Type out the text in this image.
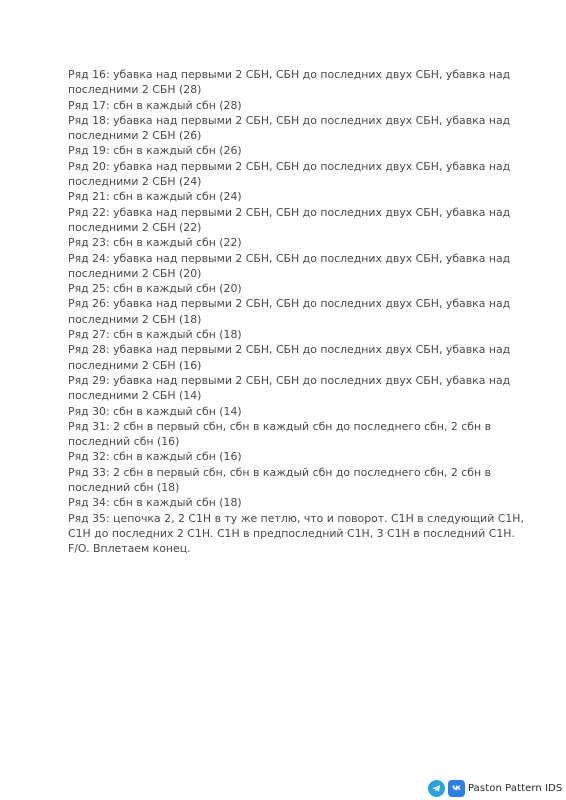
Ряд 16: убавка над первыми 2 СБН, СБН до последних двух СБН, убавка над
последними 2 СБН (28)
Ряд 17: сбн в каждый сбн (28)
Ряд 18: убавка над первыми 2 СБН, СБН до последних двух СБН, убавка над
последними 2 СБН (26)
Ряд 19: сбн в каждый сбн (26)
Ряд 20: убавка над первыми 2 СБН, СБН до последних двух СБН, убавка над
последними 2 СБН (24)
Ряд 21: сбн в каждый сбн (24)
Ряд 22: убавка над первыми 2 СБН, СБН до последних двух СБН, убавка над
последними 2 СБН (22)
Ряд 23: сбн в каждый сбн (22)
Ряд 24: убавка над первыми 2 СБН, СБН до последних двух СБН, убавка над
последними 2 СБН (20)
Ряд 25: сбн в каждый сбн (20)
Ряд 26: убавка над первыми 2 СБН, СБН до последних двух СБН, убавка над
последними 2 СБН (18)
Ряд 27: сбн в каждый сбн (18)
Ряд 28: убавка над первыми 2 СБН, СБН до последних двух СБН, убавка над
последними 2 СБН (16)
Ряд 29: убавка над первыми 2 СБН, СБН до последних двух СБН, убавка над
последними 2 СБН (14)
Ряд 30: сбн в каждый сбн (14)
Ряд 31: 2 сбн в первый сбн, сбн в каждый сбн до последнего сбн, 2 сбн в
последний сбн (16)
Ряд 32: сбн в каждый сбн (16)
Ряд 33: 2 сбн в первый сбн, сбн в каждый сбн до последнего сбн, 2 сбн в
последний сбн (18)
Ряд 34: сбн в каждый сбн (18)
Ряд 35: цепочка 2, 2 С1Н в ту же петлю, что и поворот. С1Н в следующий С1Н,
С1Н до последних 2 С1Н. С1Н в предпоследний С1Н, 3 С1Н в последний С1Н.
F/O. Вплетаем конец.
Paston Pattern IDS
